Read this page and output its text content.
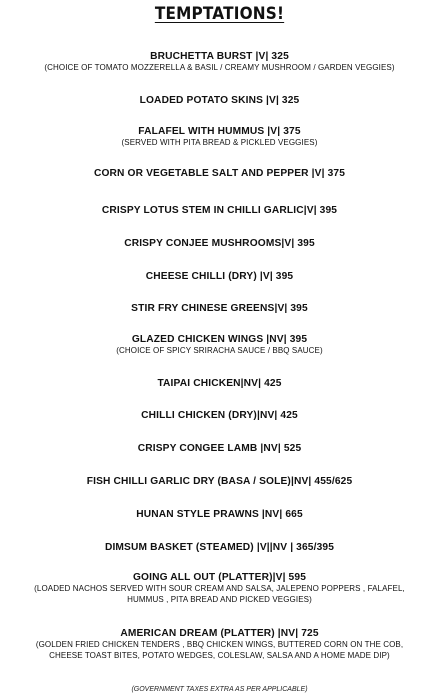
TEMPTATIONS!
BRUCHETTA BURST |V| 325
(CHOICE OF TOMATO MOZZERELLA & BASIL / CREAMY MUSHROOM / GARDEN VEGGIES)
LOADED POTATO SKINS |V| 325
FALAFEL WITH HUMMUS |V| 375
(SERVED WITH PITA BREAD & PICKLED VEGGIES)
CORN OR VEGETABLE SALT AND PEPPER |V| 375
CRISPY LOTUS STEM IN CHILLI GARLIC|V| 395
CRISPY CONJEE MUSHROOMS|V| 395
CHEESE CHILLI (DRY) |V| 395
STIR FRY CHINESE GREENS|V| 395
GLAZED CHICKEN WINGS |NV| 395
(CHOICE OF SPICY SRIRACHA SAUCE / BBQ SAUCE)
TAIPAI CHICKEN|NV| 425
CHILLI CHICKEN (DRY)|NV| 425
CRISPY CONGEE LAMB |NV| 525
FISH CHILLI GARLIC DRY (BASA / SOLE)|NV| 455/625
HUNAN STYLE PRAWNS |NV| 665
DIMSUM BASKET (STEAMED) |V||NV | 365/395
GOING ALL OUT (PLATTER)|V| 595
(LOADED NACHOS SERVED WITH SOUR CREAM AND SALSA, JALEPENO POPPERS , FALAFEL,
HUMMUS , PITA BREAD AND PICKED VEGGIES)
AMERICAN DREAM (PLATTER) |NV| 725
(GOLDEN FRIED CHICKEN TENDERS , BBQ CHICKEN WINGS, BUTTERED CORN ON THE COB,
CHEESE TOAST BITES, POTATO WEDGES, COLESLAW, SALSA AND A HOME MADE DIP)
(GOVERNMENT TAXES EXTRA AS PER APPLICABLE)
